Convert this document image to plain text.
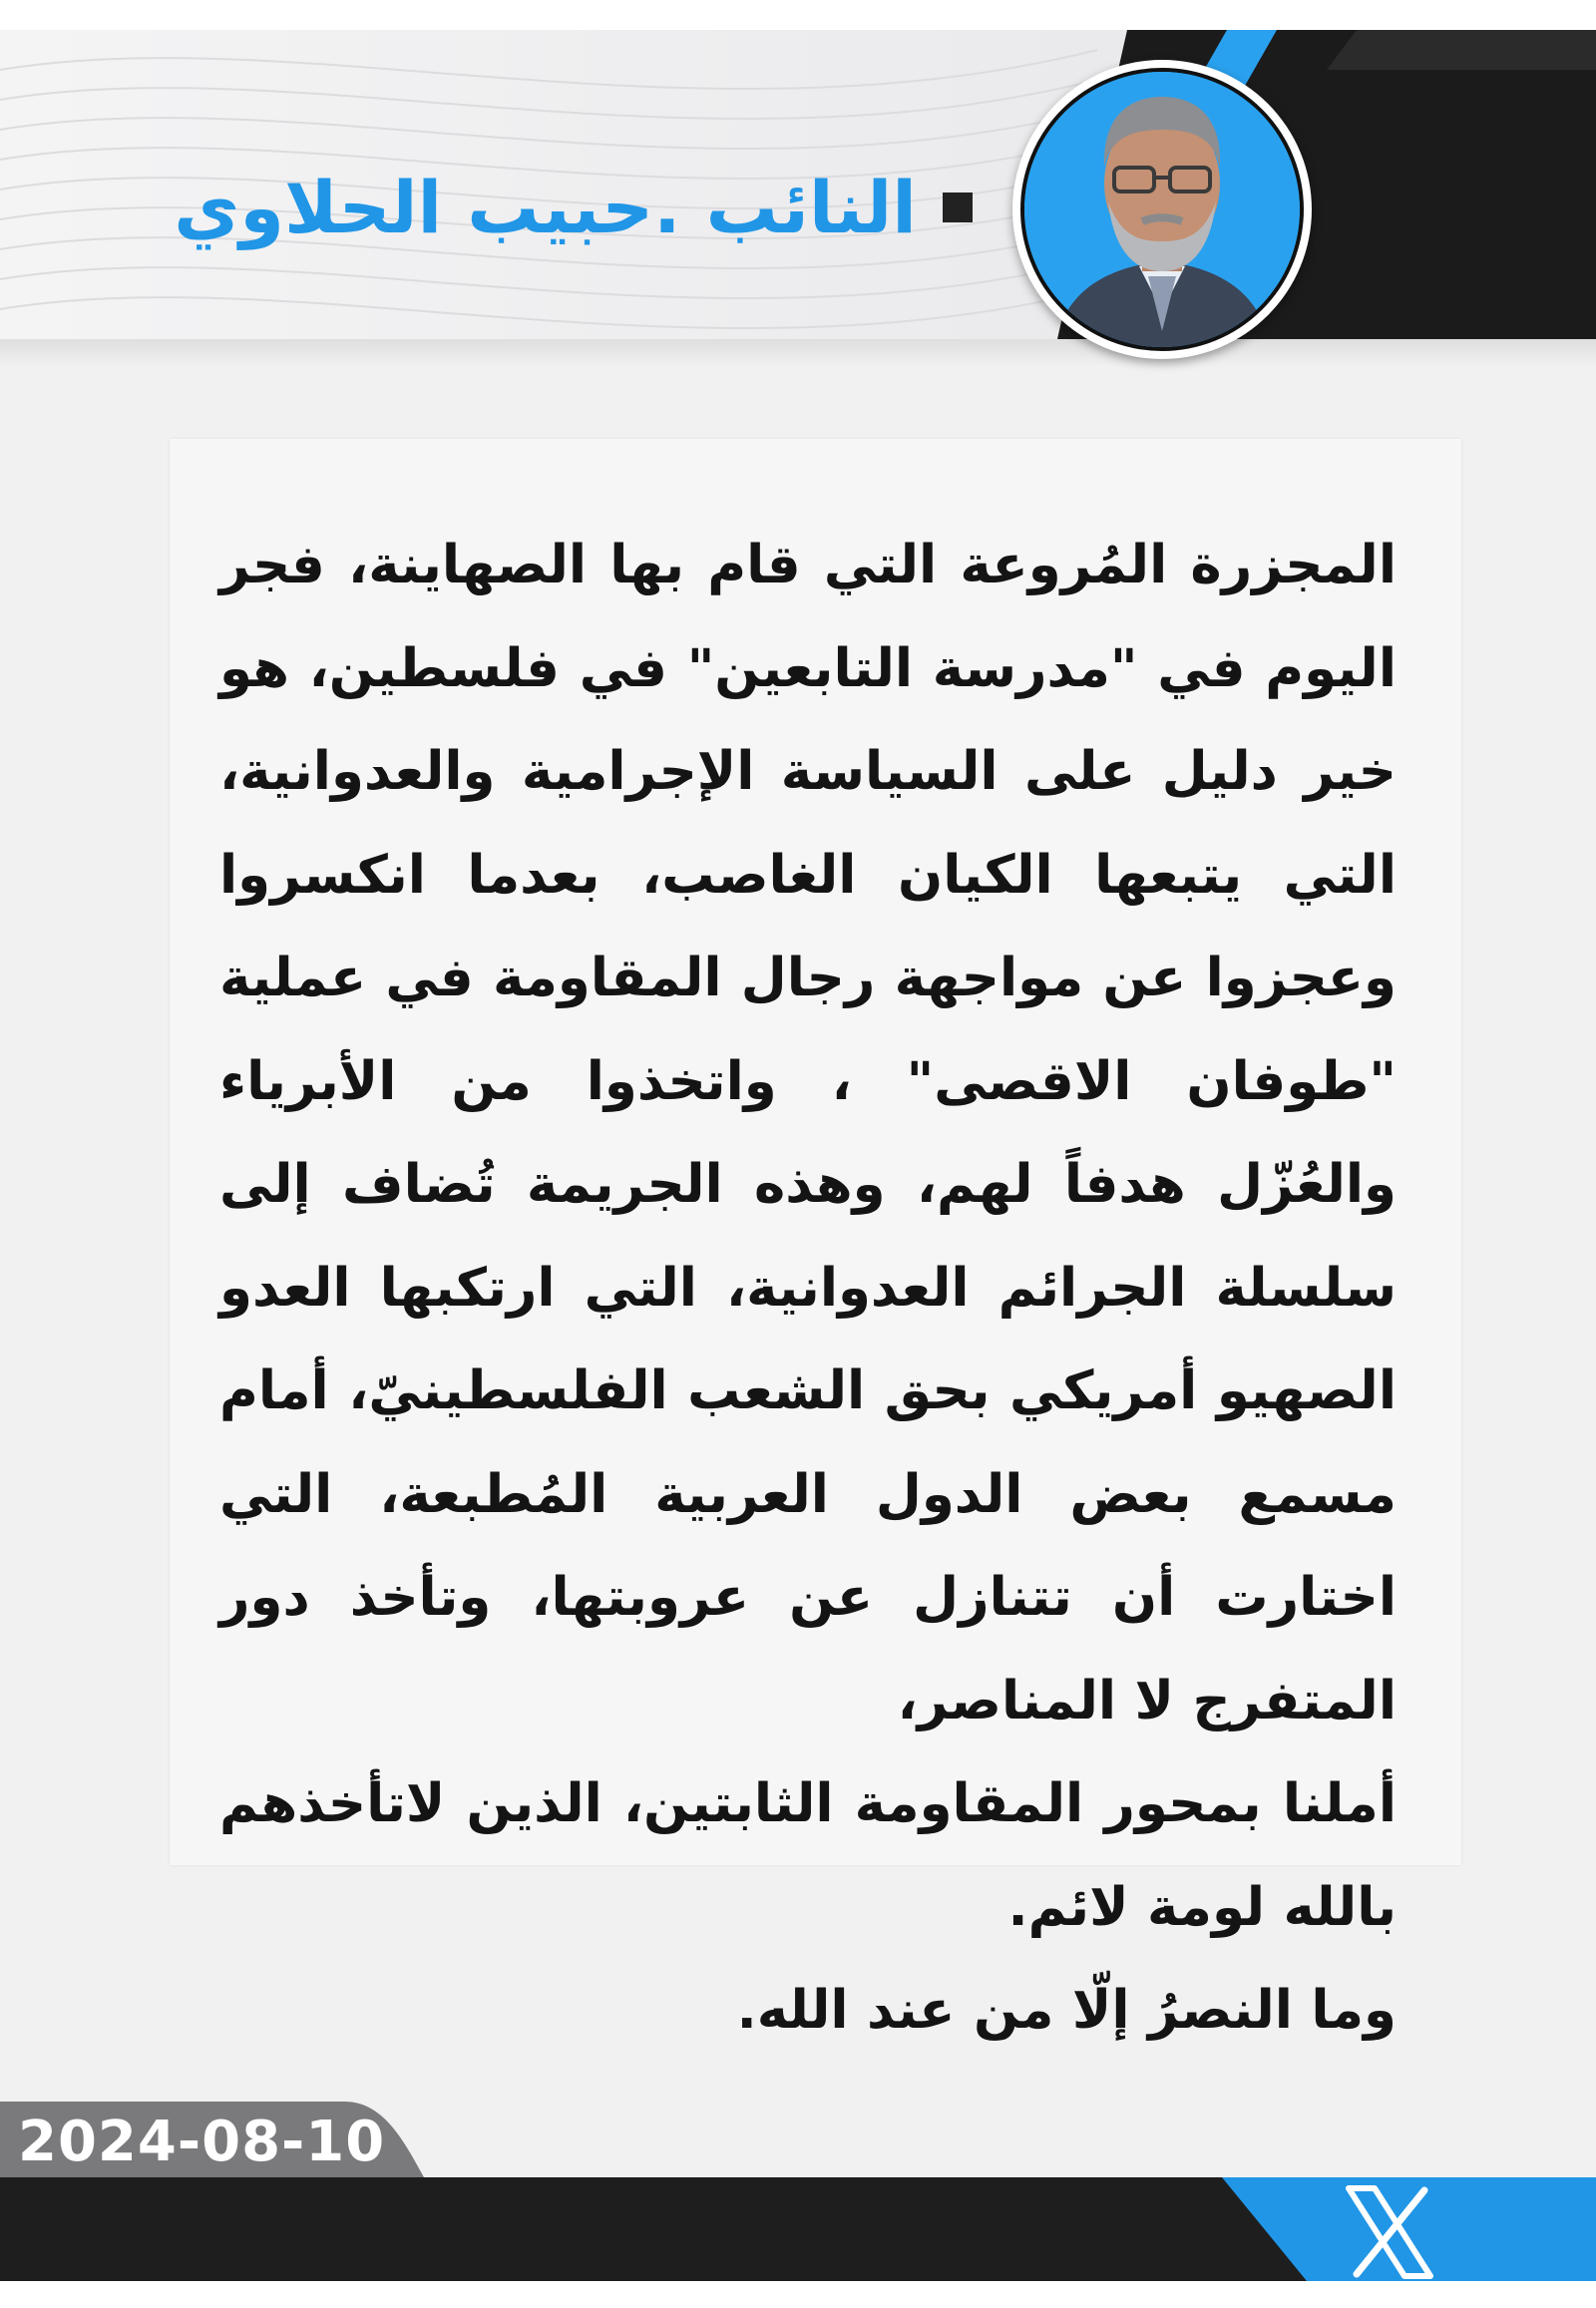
النائب .حبيب الحلاوي

المجزرة المُروعة التي قام بها الصهاينة، فجر اليوم في "مدرسة التابعين" في فلسطين، هو خير دليل على السياسة الإجرامية والعدوانية، التي يتبعها الكيان الغاصب، بعدما انكسروا وعجزوا عن مواجهة رجال المقاومة في عملية "طوفان الاقصى" ، واتخذوا من الأبرياء والعُزّل هدفاً لهم، وهذه الجريمة تُضاف إلى سلسلة الجرائم العدوانية، التي ارتكبها العدو الصهيو أمريكي بحق الشعب الفلسطينيّ، أمام مسمع بعض الدول العربية المُطبعة، التي اختارت أن تتنازل عن عروبتها، وتأخذ دور المتفرج لا المناصر،

أملنا بمحور المقاومة الثابتين، الذين لاتأخذهم بالله لومة لائم.

وما النصرُ إلّا من عند الله.

2024-08-10
